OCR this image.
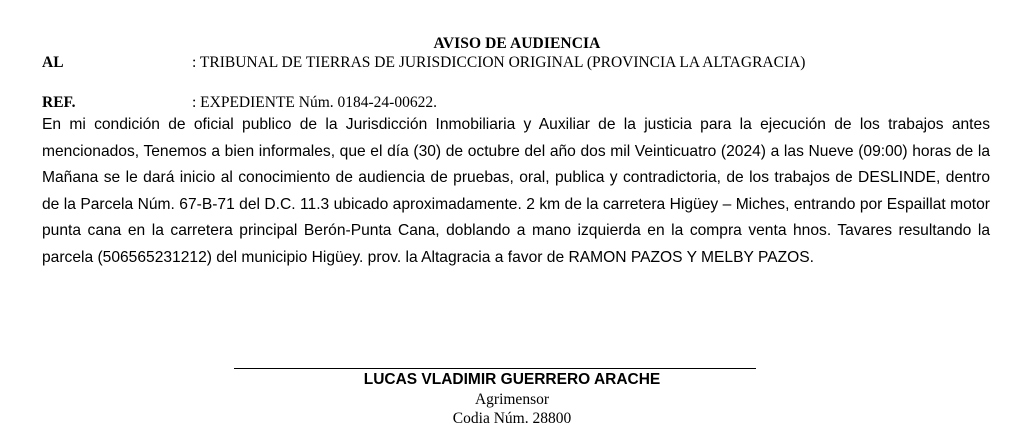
AVISO DE AUDIENCIA
AL	: TRIBUNAL DE TIERRAS DE JURISDICCION ORIGINAL (PROVINCIA LA ALTAGRACIA)
REF.	: EXPEDIENTE Núm. 0184-24-00622.
En mi condición de oficial publico de la Jurisdicción Inmobiliaria y Auxiliar de la justicia para la ejecución de los trabajos antes mencionados, Tenemos a bien informales, que el día (30) de octubre del año dos mil Veinticuatro (2024) a las Nueve (09:00) horas de la Mañana se le dará inicio al conocimiento de audiencia de pruebas, oral, publica y contradictoria, de los trabajos de DESLINDE, dentro de la Parcela Núm. 67-B-71 del D.C. 11.3 ubicado aproximadamente. 2 km de la carretera Higüey – Miches, entrando por Espaillat motor punta cana en la carretera principal Berón-Punta Cana, doblando a mano izquierda en la compra venta hnos. Tavares resultando la parcela (506565231212) del municipio Higüey. prov. la Altagracia a favor de RAMON PAZOS Y MELBY PAZOS.
LUCAS VLADIMIR GUERRERO ARACHE
Agrimensor
Codia Núm. 28800
